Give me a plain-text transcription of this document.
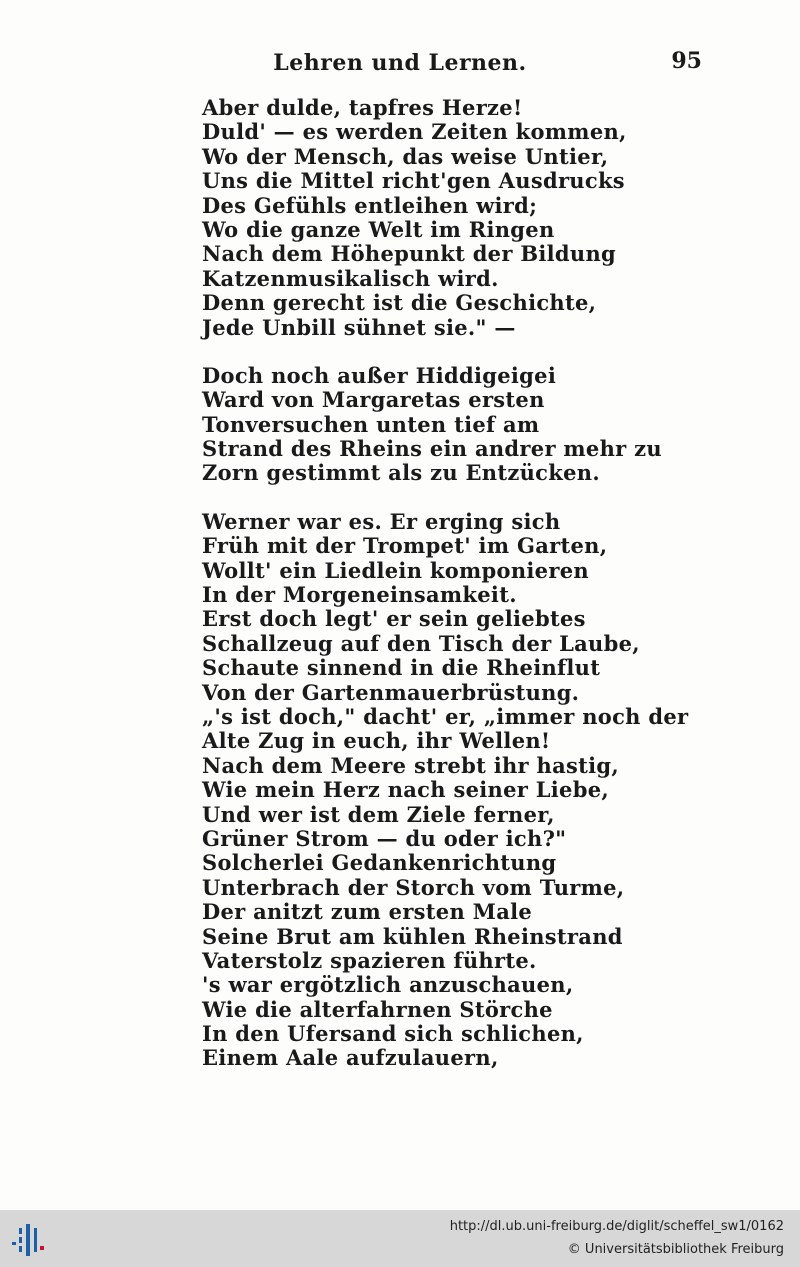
Lehren und Lernen.	95
Aber dulde, tapfres Herze!
Duld' — es werden Zeiten kommen,
Wo der Mensch, das weise Untier,
Uns die Mittel richt'gen Ausdrucks
Des Gefühls entleihen wird;
Wo die ganze Welt im Ringen
Nach dem Höhepunkt der Bildung
Katzenmusikalisch wird.
Denn gerecht ist die Geschichte,
Jede Unbill sühnet sie." —
Doch noch außer Hiddigeigei
Ward von Margaretas ersten
Tonversuchen unten tief am
Strand des Rheins ein andrer mehr zu
Zorn gestimmt als zu Entzücken.
Werner war es. Er erging sich
Früh mit der Trompet' im Garten,
Wollt' ein Liedlein komponieren
In der Morgeneinsamkeit.
Erst doch legt' er sein geliebtes
Schallzeug auf den Tisch der Laube,
Schaute sinnend in die Rheinflut
Von der Gartenmauerbrüstung.
„'s ist doch," dacht' er, „immer noch der
Alte Zug in euch, ihr Wellen!
Nach dem Meere strebt ihr hastig,
Wie mein Herz nach seiner Liebe,
Und wer ist dem Ziele ferner,
Grüner Strom — du oder ich?"
Solcherlei Gedankenrichtung
Unterbrach der Storch vom Turme,
Der anitzt zum ersten Male
Seine Brut am kühlen Rheinstrand
Vaterstolz spazieren führte.
's war ergötzlich anzuschauen,
Wie die alterfahrnen Störche
In den Ufersand sich schlichen,
Einem Aale aufzulauern,
http://dl.ub.uni-freiburg.de/diglit/scheffel_sw1/0162
© Universitätsbibliothek Freiburg
